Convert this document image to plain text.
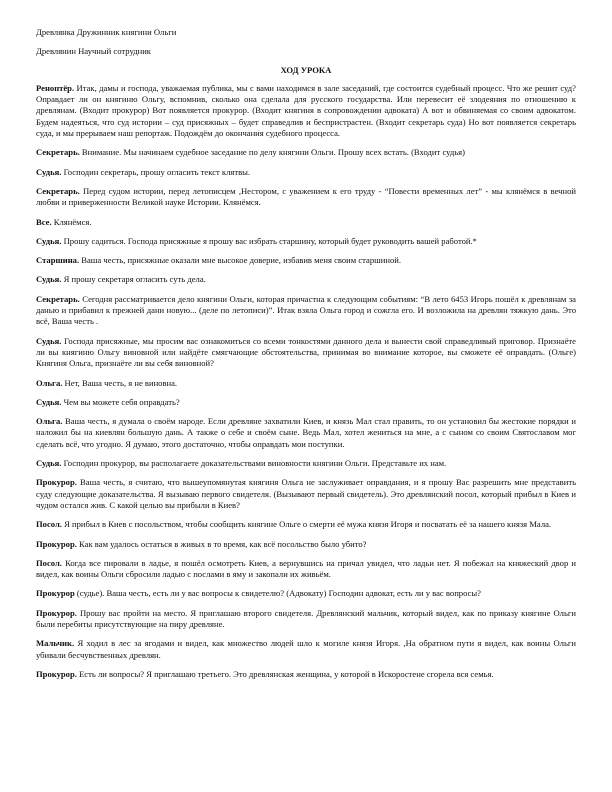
Древлянка Дружинник княгини Ольги
Древлянин Научный сотрудник
ХОД УРОКА

Реноптёр. Итак, дамы и господа, уважаемая публика, мы с вами находимся в зале заседаний, где состоится судебный процесс. Что же решит суд? Оправдает ли он княгиню Ольгу, вспомнив, сколько она сделала для русского государства. Или перевесит её злодеяния по отношению к древлянам. (Входит прокурор) Вот появляется прокурор. (Входит княгиня в сопровождении адвоката) А вот и обвиняемая со своим адвокатом. Будем надеяться, что суд истории – суд присяжных – будет справедлив и беспристрастен. (Входит секретарь суда) Но вот появляется секретарь суда, и мы прерываем наш репортаж. Подождём до окончания судебного процесса.

Секретарь. Внимание. Мы начинаем судебное заседание по делу княгини Ольги. Прошу всех встать. (Входит судья)

Судья. Господин секретарь, прошу огласить текст клятвы.

Секретарь. Перед судом истории, перед летописцем ,Нестором, с уважением к его труду - “Повести временных лет” - мы клянёмся в вечной любви и приверженности Великой науке Истории. Клянёмся.

Все. Клянёмся.

Судья. Прошу садиться. Господа присяжные я прошу вас избрать старшину, который будет руководить вашей работой.*

Старшина. Ваша честь, присяжные оказали мне высокое доверие, избавив меня своим старшиной.

Судья. Я прошу секретаря огласить суть дела.

Секретарь. Сегодня рассматривается дело княгини Ольги, которая причастна к следующим событиям: “В лето 6453 Игорь пошёл к древлянам за данью и прибавил к прежней дани новую... (деле по летописи)”. Итак взяла Ольга город и сожгла его. И возложила на древлян тяжкую дань. Это всё, Ваша честь .

Судья. Господа присяжные, мы просим вас ознакомиться со всеми тонкостями данного дела и вынести свой справедливый приговор. Признаёте ли вы княгиню Ольгу виновной или найдёте смягчающие обстоятельства, принимая во внимание которое, вы сможете её оправдать. (Ольге) Княгиня Ольга, признаёте ли вы себя виновной?

Ольга. Нет, Ваша честь, я не виновна.

Судья. Чем вы можете себя оправдать?

Ольга. Ваша честь, я думала о своём народе. Если древляне захватили Киев, и князь Мал стал править, то он установил бы жестокие порядки и наложил бы на киевлян большую дань. А также о себе и своём сыне. Ведь Мал, хотел жениться на мне, а с сыном со своим Святославом мог сделать всё, что угодно. Я думаю, этого достаточно, чтобы оправдать мои поступки.

Судья. Господин прокурор, вы располагаете доказательствами виновности княгини Ольги. Представьте их нам.

Прокурор. Ваша честь, я считаю, что вышеупомянутая княгиня Ольга не заслуживает оправдания, и я прошу Вас разрешить мне представить суду следующие доказательства. Я вызываю первого свидетеля. (Вызывают первый свидетель). Это древлянский посол, который прибыл в Киев и чудом остался жив. С какой целью вы прибыли в Киев?

Посол. Я прибыл в Киев с посольством, чтобы сообщить княгине Ольге о смерти её мужа князя Игоря и посватать её за нашего князя Мала.

Прокурор. Как вам удалось остаться в живых в то время, как всё посольство было убито?

Посол. Когда все пировали в ладье, я пошёл осмотреть Киев, а вернувшись на причал увидел, что ладьи нет. Я побежал на княжеский двор и видел, как воины Ольги сбросили ладью с послами в яму и закопали их живьём.

Прокурор (судье). Ваша честь, есть ли у вас вопросы к свидетелю? (Адвокату) Господин адвокат, есть ли у вас вопросы?

Прокурор. Прошу вас пройти на место. Я приглашаю второго свидетеля. Древлянский мальчик, который видел, как по приказу княгине Ольги были перебиты присутствующие на пиру древляне.

Мальчик. Я ходил в лес за ягодами и видел, как множество людей шло к могиле князя Игоря. ,На обратном пути я видел, как воины Ольги убивали бесчувственных древлян.

Прокурор. Есть ли вопросы? Я приглашаю третьего. Это древлянская женщина, у которой в Искоростене сгорела вся семья.
